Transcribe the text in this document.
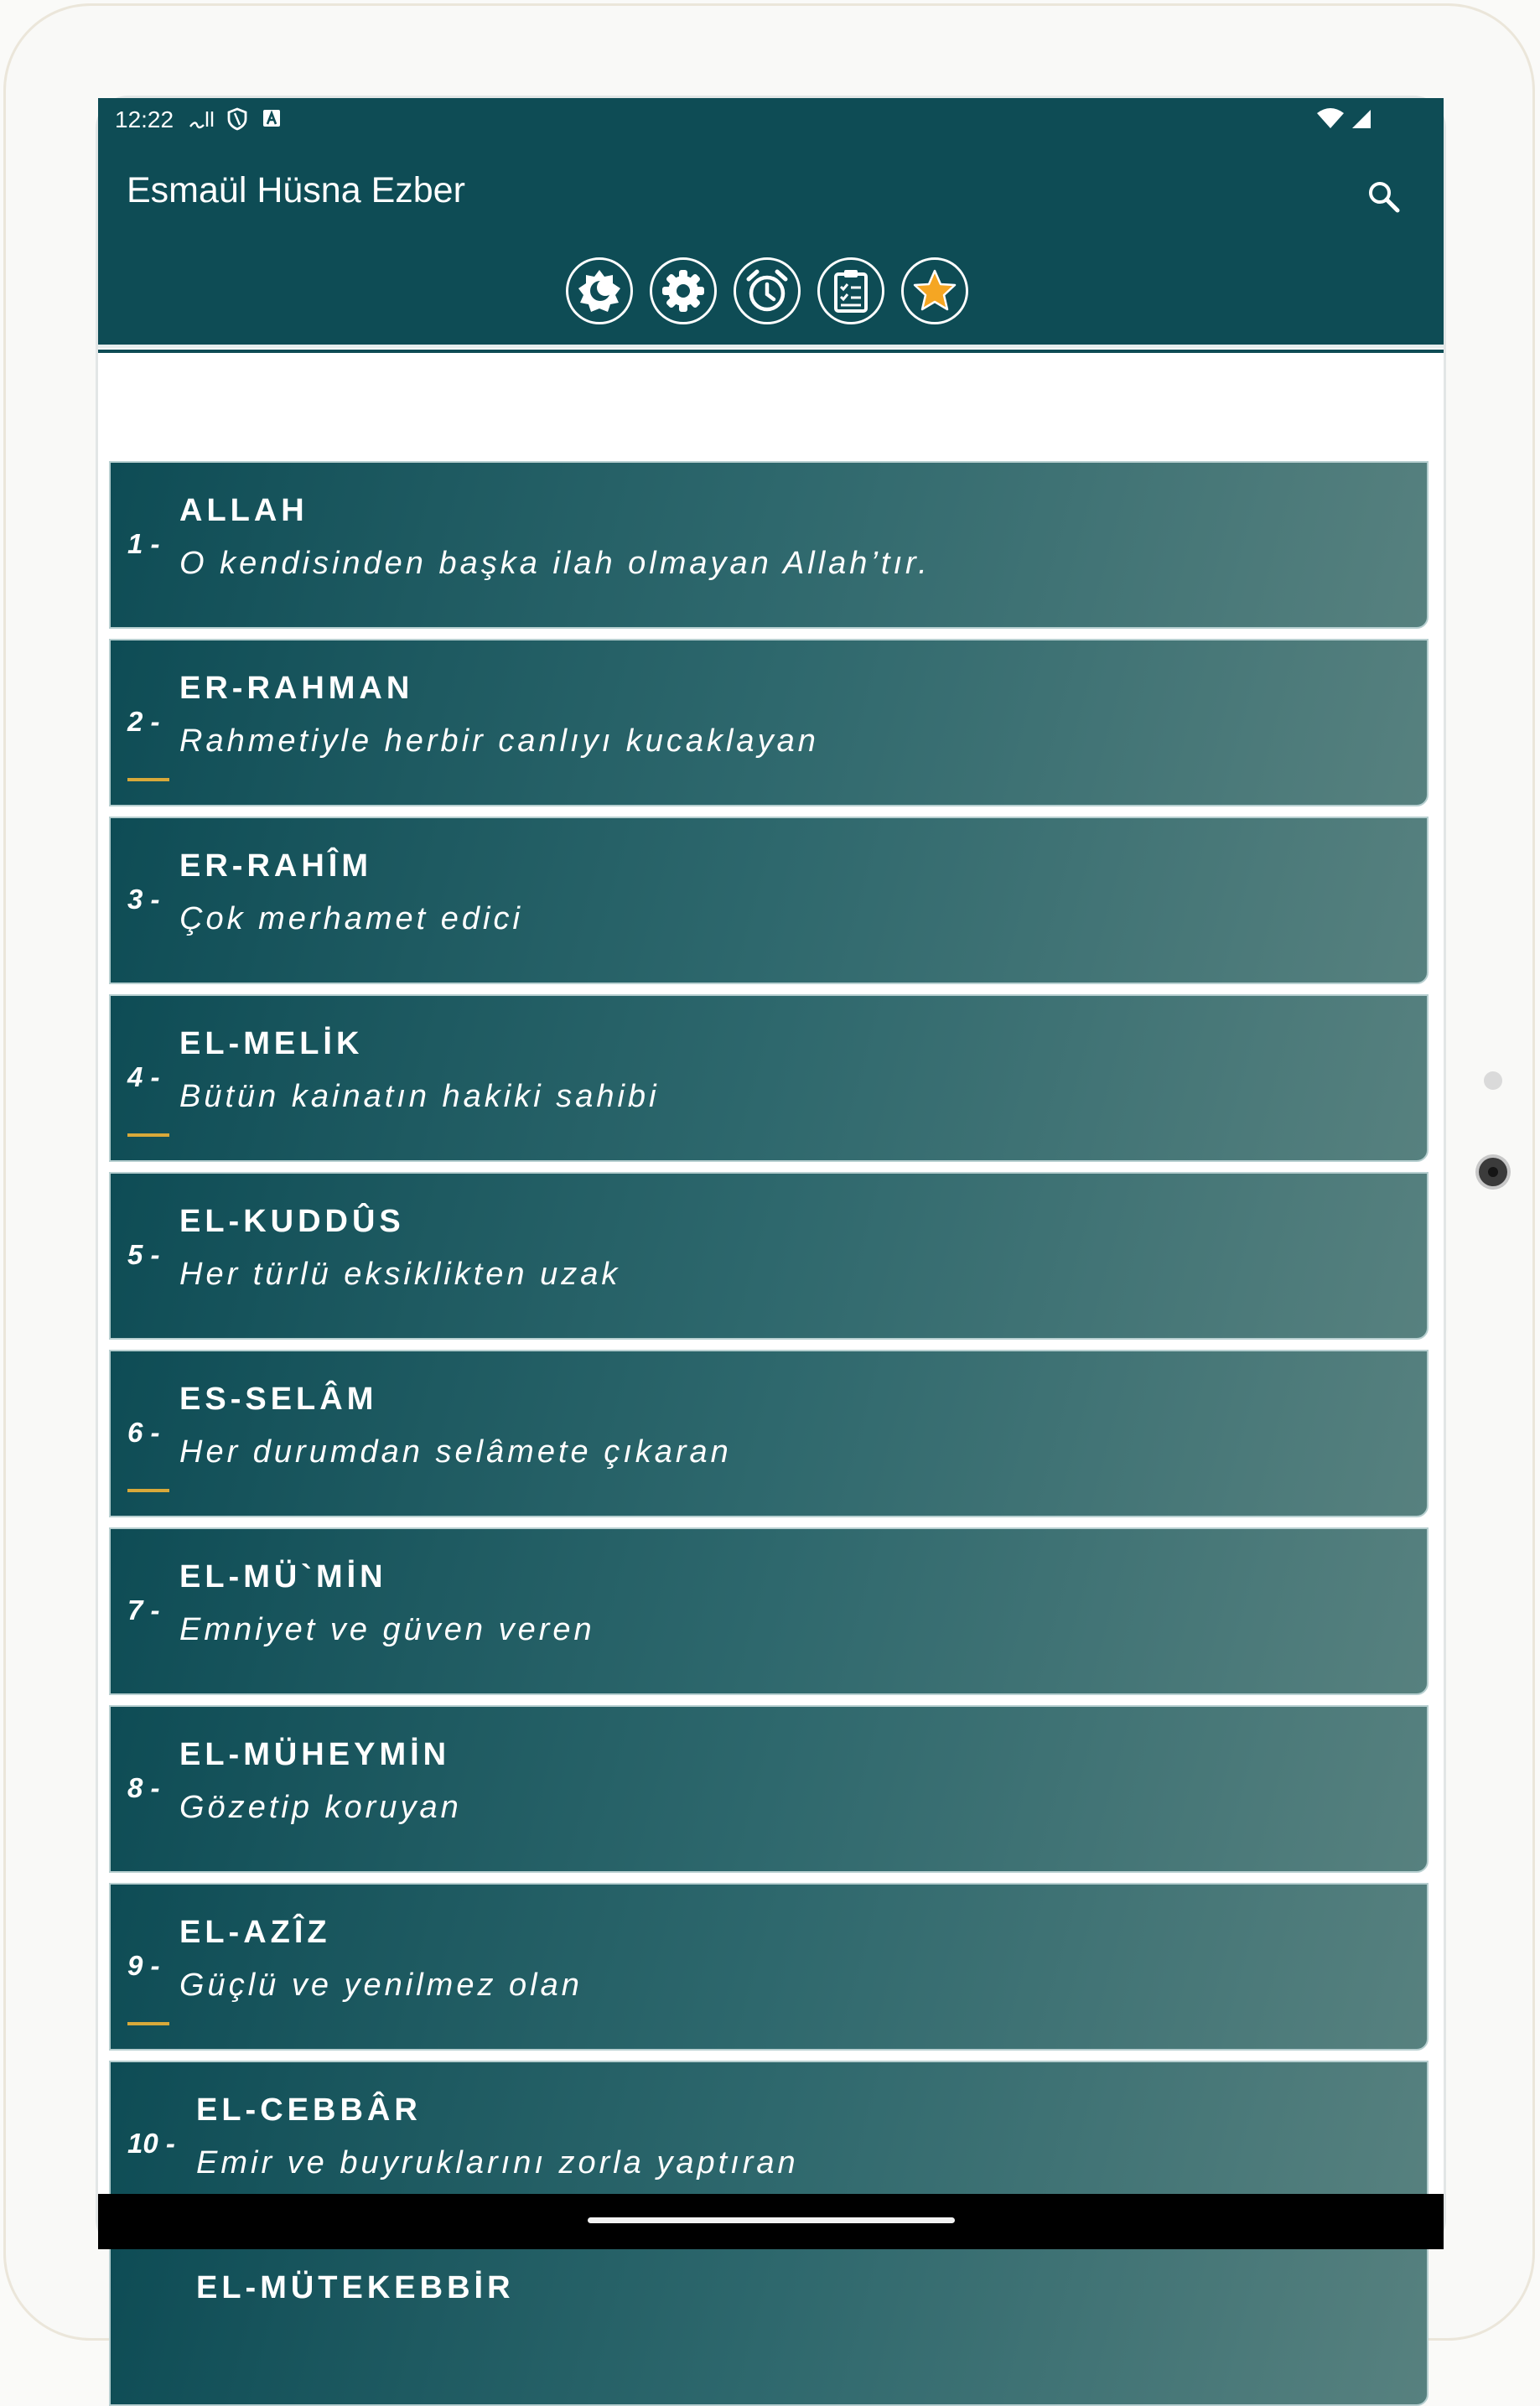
12:22
Esmaül Hüsna Ezber
1 -
ALLAH
O kendisinden başka ilah olmayan Allah’tır.
2 -
ER-RAHMAN
Rahmetiyle herbir canlıyı kucaklayan
3 -
ER-RAHÎM
Çok merhamet edici
4 -
EL-MELİK
Bütün kainatın hakiki sahibi
5 -
EL-KUDDÛS
Her türlü eksiklikten uzak
6 -
ES-SELÂM
Her durumdan selâmete çıkaran
7 -
EL-MÜ`MİN
Emniyet ve güven veren
8 -
EL-MÜHEYMİN
Gözetip koruyan
9 -
EL-AZÎZ
Güçlü ve yenilmez olan
10 -
EL-CEBBÂR
Emir ve buyruklarını zorla yaptıran
EL-MÜTEKEBBİR
